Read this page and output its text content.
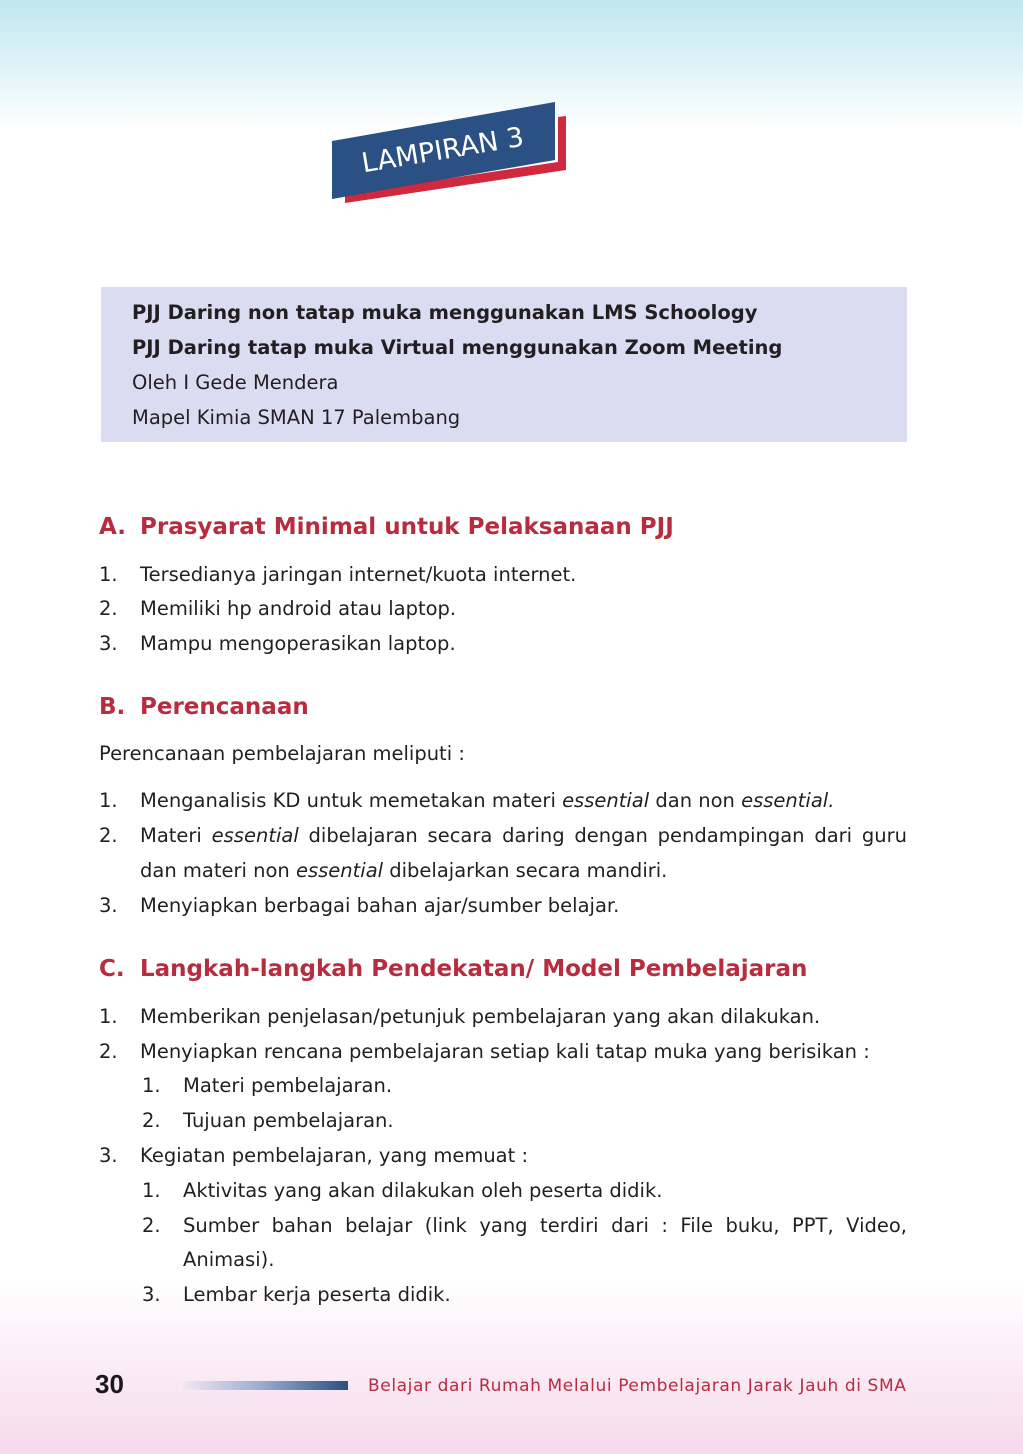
LAMPIRAN 3
PJJ Daring non tatap muka menggunakan LMS Schoology
PJJ Daring tatap muka Virtual menggunakan Zoom Meeting
Oleh I Gede Mendera
Mapel Kimia SMAN 17 Palembang
A. Prasyarat Minimal untuk Pelaksanaan PJJ
1. Tersedianya jaringan internet/kuota internet.
2. Memiliki hp android atau laptop.
3. Mampu mengoperasikan laptop.
B. Perencanaan
Perencanaan pembelajaran meliputi :
1. Menganalisis KD untuk memetakan materi essential dan non essential.
2. Materi essential dibelajaran secara daring dengan pendampingan dari guru
dan materi non essential dibelajarkan secara mandiri.
3. Menyiapkan berbagai bahan ajar/sumber belajar.
C. Langkah-langkah Pendekatan/ Model Pembelajaran
1. Memberikan penjelasan/petunjuk pembelajaran yang akan dilakukan.
2. Menyiapkan rencana pembelajaran setiap kali tatap muka yang berisikan :
1. Materi pembelajaran.
2. Tujuan pembelajaran.
3. Kegiatan pembelajaran, yang memuat :
1. Aktivitas yang akan dilakukan oleh peserta didik.
2. Sumber bahan belajar (link yang terdiri dari : File buku, PPT, Video,
Animasi).
3. Lembar kerja peserta didik.
30	Belajar dari Rumah Melalui Pembelajaran Jarak Jauh di SMA
